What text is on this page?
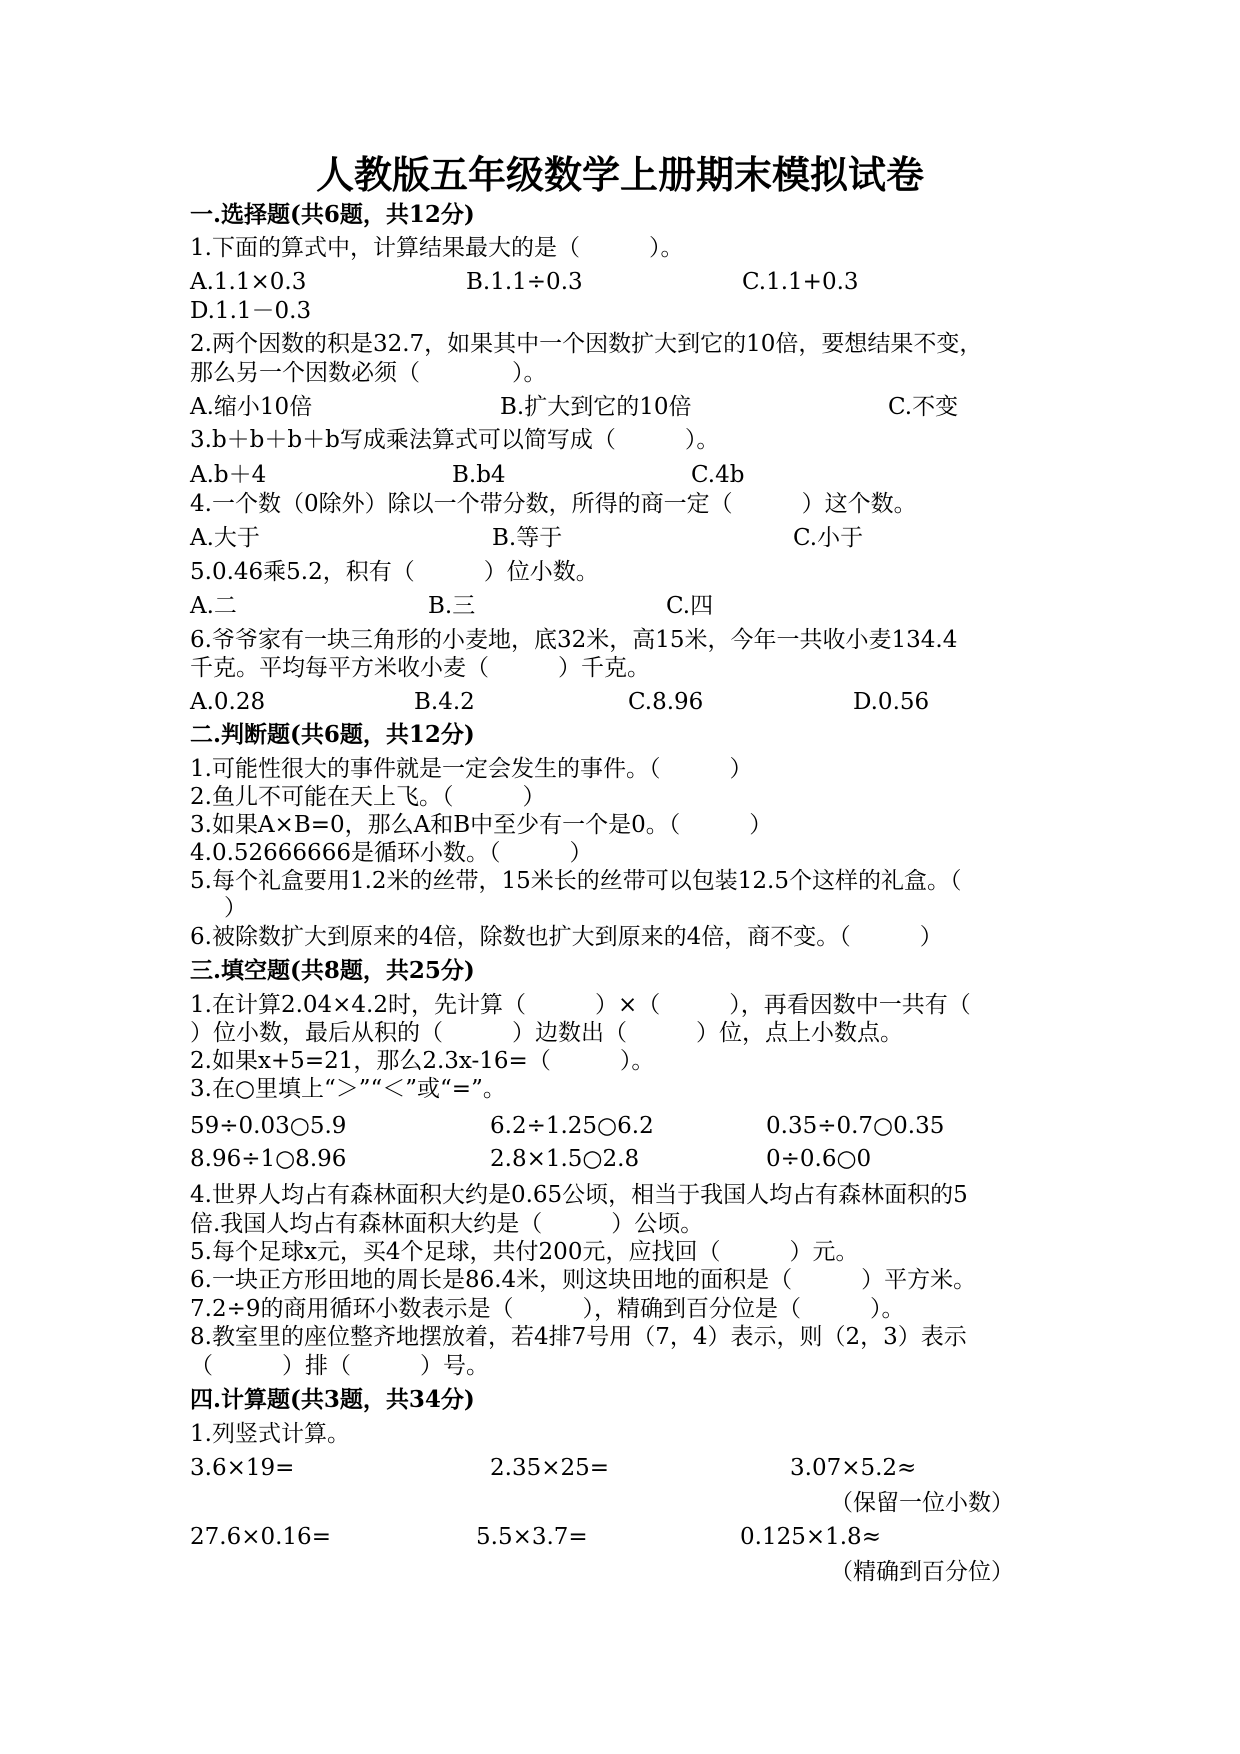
人教版五年级数学上册期末模拟试卷
一.选择题(共6题，共12分)
1.下面的算式中，计算结果最大的是（　　　）。
A.1.1×0.3	B.1.1÷0.3	C.1.1+0.3
D.1.1－0.3
2.两个因数的积是32.7，如果其中一个因数扩大到它的10倍，要想结果不变，
那么另一个因数必须（　　　　）。
A.缩小10倍	B.扩大到它的10倍	C.不变
3.b＋b＋b＋b写成乘法算式可以简写成（　　　）。
A.b＋4	B.b4	C.4b
4.一个数（0除外）除以一个带分数，所得的商一定（　　　）这个数。
A.大于	B.等于	C.小于
5.0.46乘5.2，积有（　　　）位小数。
A.二	B.三	C.四
6.爷爷家有一块三角形的小麦地，底32米，高15米，今年一共收小麦134.4
千克。平均每平方米收小麦（　　　）千克。
A.0.28	B.4.2	C.8.96	D.0.56
二.判断题(共6题，共12分)
1.可能性很大的事件就是一定会发生的事件。（　　　）
2.鱼儿不可能在天上飞。（　　　）
3.如果A×B=0，那么A和B中至少有一个是0。（　　　）
4.0.52666666是循环小数。（　　　）
5.每个礼盒要用1.2米的丝带，15米长的丝带可以包装12.5个这样的礼盒。（
）
6.被除数扩大到原来的4倍，除数也扩大到原来的4倍，商不变。（　　　）
三.填空题(共8题，共25分)
1.在计算2.04×4.2时，先计算（　　　）×（　　　），再看因数中一共有（
）位小数，最后从积的（　　　）边数出（　　　）位，点上小数点。
2.如果x+5=21，那么2.3x-16=（　　　）。
3.在○里填上“＞”“＜”或“=”。
59÷0.03○5.9	6.2÷1.25○6.2	0.35÷0.7○0.35
8.96÷1○8.96	2.8×1.5○2.8	0÷0.6○0
4.世界人均占有森林面积大约是0.65公顷，相当于我国人均占有森林面积的5
倍.我国人均占有森林面积大约是（　　　）公顷。
5.每个足球x元，买4个足球，共付200元，应找回（　　　）元。
6.一块正方形田地的周长是86.4米，则这块田地的面积是（　　　）平方米。
7.2÷9的商用循环小数表示是（　　　），精确到百分位是（　　　）。
8.教室里的座位整齐地摆放着，若4排7号用（7，4）表示，则（2，3）表示
（　　　）排（　　　）号。
四.计算题(共3题，共34分)
1.列竖式计算。
3.6×19=	2.35×25=	3.07×5.2≈
（保留一位小数）
27.6×0.16=	5.5×3.7=	0.125×1.8≈
（精确到百分位）
